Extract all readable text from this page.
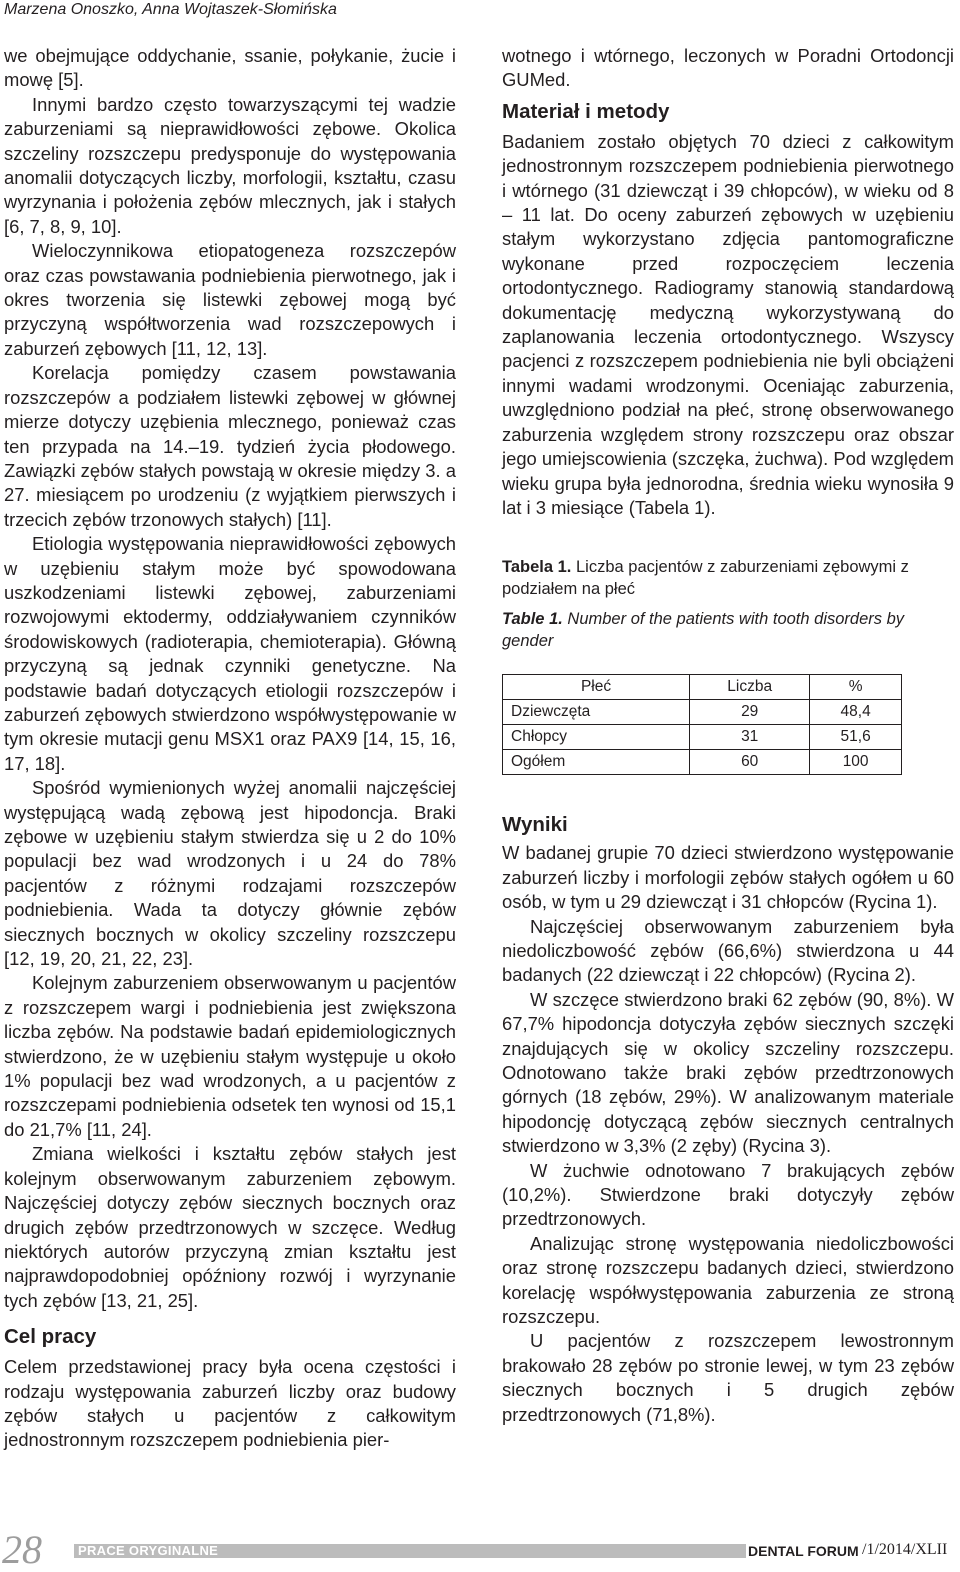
Marzena Onoszko, Anna Wojtaszek-Słomińska

we obejmujące oddychanie, ssanie, połykanie, żucie i mowę [5].

Innymi bardzo często towarzyszącymi tej wadzie zaburzeniami są nieprawidłowości zębowe. Okolica szczeliny rozszczepu predysponuje do występowania anomalii dotyczących liczby, morfologii, kształtu, czasu wyrzynania i położenia zębów mlecznych, jak i stałych [6, 7, 8, 9, 10].

Wieloczynnikowa etiopatogeneza rozszczepów oraz czas powstawania podniebienia pierwotnego, jak i okres tworzenia się listewki zębowej mogą być przyczyną współtworzenia wad rozszczepowych i zaburzeń zębowych [11, 12, 13].

Korelacja pomiędzy czasem powstawania rozszczepów a podziałem listewki zębowej w głównej mierze dotyczy uzębienia mlecznego, ponieważ czas ten przypada na 14.–19. tydzień życia płodowego. Zawiązki zębów stałych powstają w okresie między 3. a 27. miesiącem po urodzeniu (z wyjątkiem pierwszych i trzecich zębów trzonowych stałych) [11].

Etiologia występowania nieprawidłowości zębowych w uzębieniu stałym może być spowodowana uszkodzeniami listewki zębowej, zaburzeniami rozwojowymi ektodermy, oddziaływaniem czynników środowiskowych (radioterapia, chemioterapia). Główną przyczyną są jednak czynniki genetyczne. Na podstawie badań dotyczących etiologii rozszczepów i zaburzeń zębowych stwierdzono współwystępowanie w tym okresie mutacji genu MSX1 oraz PAX9 [14, 15, 16, 17, 18].

Spośród wymienionych wyżej anomalii najczęściej występującą wadą zębową jest hipodoncja. Braki zębowe w uzębieniu stałym stwierdza się u 2 do 10% populacji bez wad wrodzonych i u 24 do 78% pacjentów z różnymi rodzajami rozszczepów podniebienia. Wada ta dotyczy głównie zębów siecznych bocznych w okolicy szczeliny rozszczepu [12, 19, 20, 21, 22, 23].

Kolejnym zaburzeniem obserwowanym u pacjentów z rozszczepem wargi i podniebienia jest zwiększona liczba zębów. Na podstawie badań epidemiologicznych stwierdzono, że w uzębieniu stałym występuje u około 1% populacji bez wad wrodzonych, a u pacjentów z rozszczepami podniebienia odsetek ten wynosi od 15,1 do 21,7% [11, 24].

Zmiana wielkości i kształtu zębów stałych jest kolejnym obserwowanym zaburzeniem zębowym. Najczęściej dotyczy zębów siecznych bocznych oraz drugich zębów przedtrzonowych w szczęce. Według niektórych autorów przyczyną zmian kształtu jest najprawdopodobniej opóźniony rozwój i wyrzynanie tych zębów [13, 21, 25].

Cel pracy

Celem przedstawionej pracy była ocena częstości i rodzaju występowania zaburzeń liczby oraz budowy zębów stałych u pacjentów z całkowitym jednostronnym rozszczepem podniebienia pier-

wotnego i wtórnego, leczonych w Poradni Ortodoncji GUMed.

Materiał i metody

Badaniem zostało objętych 70 dzieci z całkowitym jednostronnym rozszczepem podniebienia pierwotnego i wtórnego (31 dziewcząt i 39 chłopców), w wieku od 8 – 11 lat. Do oceny zaburzeń zębowych w uzębieniu stałym wykorzystano zdjęcia pantomograficzne wykonane przed rozpoczęciem leczenia ortodontycznego. Radiogramy stanowią standardową dokumentację medyczną wykorzystywaną do zaplanowania leczenia ortodontycznego. Wszyscy pacjenci z rozszczepem podniebienia nie byli obciążeni innymi wadami wrodzonymi. Oceniając zaburzenia, uwzględniono podział na płeć, stronę obserwowanego zaburzenia względem strony rozszczepu oraz obszar jego umiejscowienia (szczęka, żuchwa). Pod względem wieku grupa była jednorodna, średnia wieku wynosiła 9 lat i 3 miesiące (Tabela 1).

Tabela 1. Liczba pacjentów z zaburzeniami zębowymi z podziałem na płeć
Table 1. Number of the patients with tooth disorders by gender
Płeć	Liczba	%
Dziewczęta	29	48,4
Chłopcy	31	51,6
Ogółem	60	100
Wyniki

W badanej grupie 70 dzieci stwierdzono występowanie zaburzeń liczby i morfologii zębów stałych ogółem u 60 osób, w tym u 29 dziewcząt i 31 chłopców (Rycina 1).

Najczęściej obserwowanym zaburzeniem była niedoliczbowość zębów (66,6%) stwierdzona u 44 badanych (22 dziewcząt i 22 chłopców) (Rycina 2).

W szczęce stwierdzono braki 62 zębów (90, 8%). W 67,7% hipodoncja dotyczyła zębów siecznych szczęki znajdujących się w okolicy szczeliny rozszczepu. Odnotowano także braki zębów przedtrzonowych górnych (18 zębów, 29%). W analizowanym materiale hipodoncję dotyczącą zębów siecznych centralnych stwierdzono w 3,3% (2 zęby) (Rycina 3).

W żuchwie odnotowano 7 brakujących zębów (10,2%). Stwierdzone braki dotyczyły zębów przedtrzonowych.

Analizując stronę występowania niedoliczbowości oraz stronę rozszczepu badanych dzieci, stwierdzono korelację współwystępowania zaburzenia ze stroną rozszczepu.

U pacjentów z rozszczepem lewostronnym brakowało 28 zębów po stronie lewej, w tym 23 zębów siecznych bocznych i 5 drugich zębów przedtrzonowych (71,8%).

28	PRACE ORYGINALNE	DENTAL FORUM /1/2014/XLII
